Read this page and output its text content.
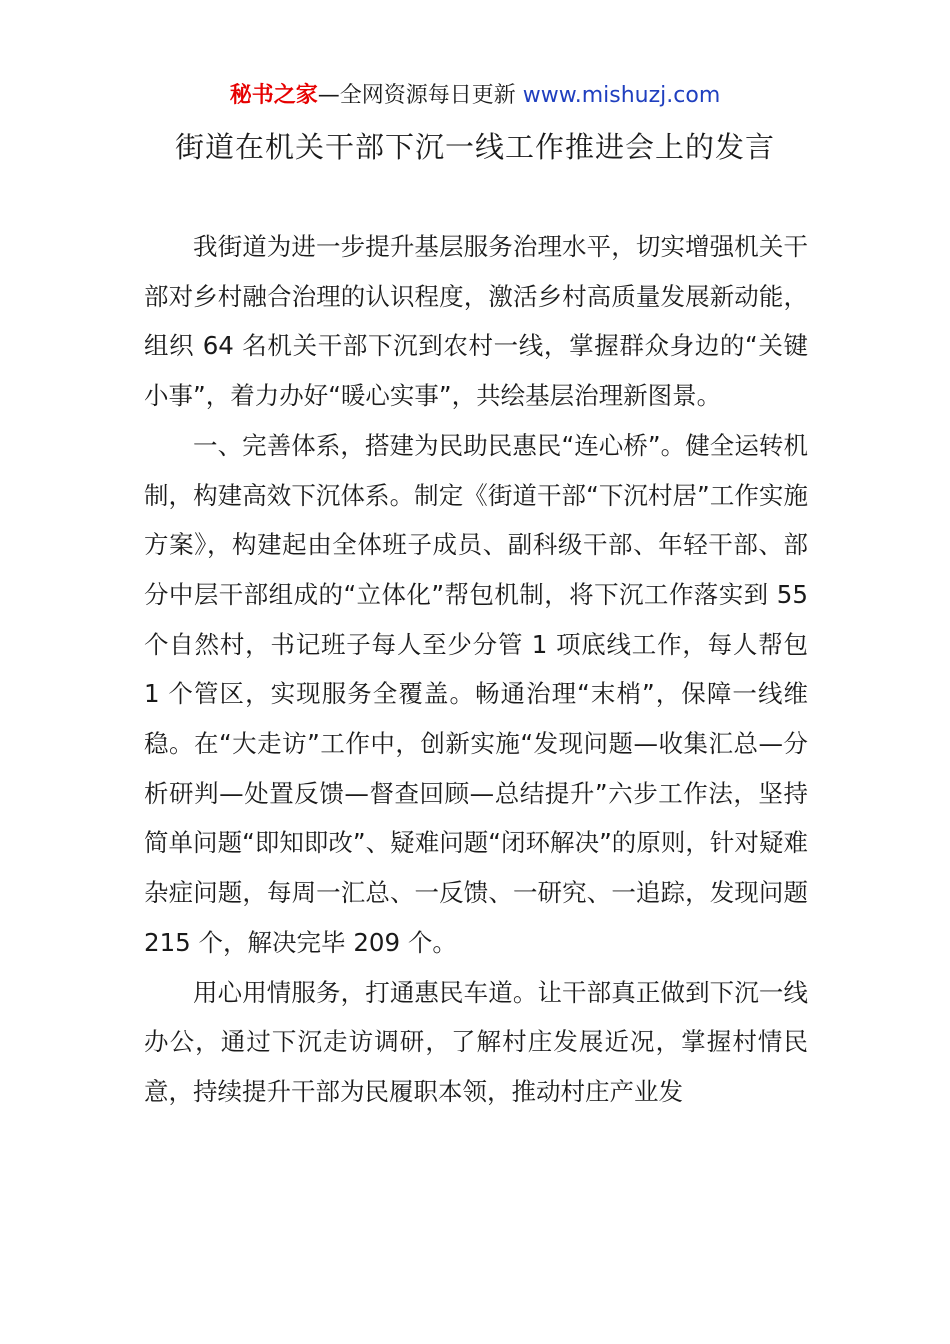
秘书之家—全网资源每日更新 www.mishuzj.com
街道在机关干部下沉一线工作推进会上的发言

我街道为进一步提升基层服务治理水平，切实增强机关干部对乡村融合治理的认识程度，激活乡村高质量发展新动能，组织 64 名机关干部下沉到农村一线，掌握群众身边的“关键小事”，着力办好“暖心实事”，共绘基层治理新图景。

一、完善体系，搭建为民助民惠民“连心桥”。健全运转机制，构建高效下沉体系。制定《街道干部“下沉村居”工作实施方案》，构建起由全体班子成员、副科级干部、年轻干部、部分中层干部组成的“立体化”帮包机制，将下沉工作落实到 55 个自然村，书记班子每人至少分管 1 项底线工作，每人帮包 1 个管区，实现服务全覆盖。畅通治理“末梢”，保障一线维稳。在“大走访”工作中，创新实施“发现问题—收集汇总—分析研判—处置反馈—督查回顾—总结提升”六步工作法，坚持简单问题“即知即改”、疑难问题“闭环解决”的原则，针对疑难杂症问题，每周一汇总、一反馈、一研究、一追踪，发现问题 215 个，解决完毕 209 个。

用心用情服务，打通惠民车道。让干部真正做到下沉一线办公，通过下沉走访调研，了解村庄发展近况，掌握村情民意，持续提升干部为民履职本领，推动村庄产业发
